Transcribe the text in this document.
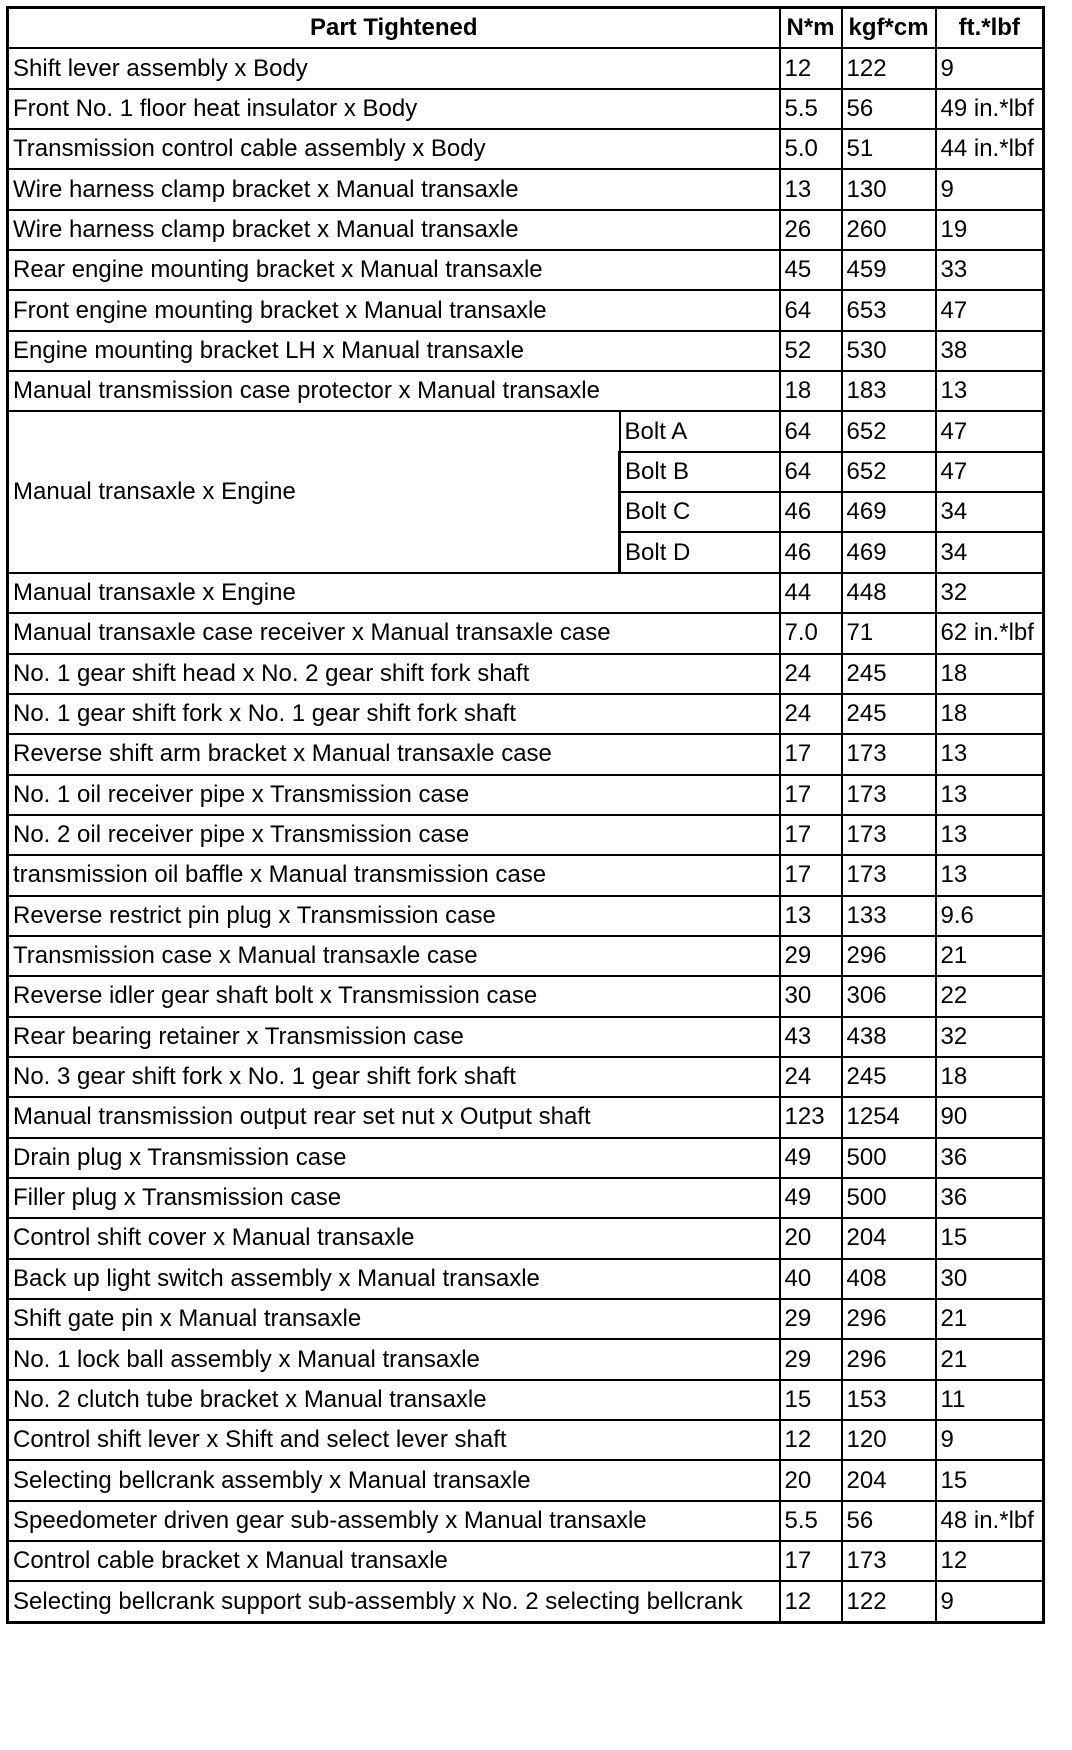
Part Tightened		N*m	kgf*cm	ft.*lbf
Shift lever assembly x Body		12	122	9
Front No. 1 floor heat insulator x Body		5.5	56	49 in.*lbf
Transmission control cable assembly x Body		5.0	51	44 in.*lbf
Wire harness clamp bracket x Manual transaxle		13	130	9
Wire harness clamp bracket x Manual transaxle		26	260	19
Rear engine mounting bracket x Manual transaxle		45	459	33
Front engine mounting bracket x Manual transaxle		64	653	47
Engine mounting bracket LH x Manual transaxle		52	530	38
Manual transmission case protector x Manual transaxle		18	183	13
Manual transaxle x Engine	Bolt A	64	652	47
	Bolt B	64	652	47
	Bolt C	46	469	34
	Bolt D	46	469	34
Manual transaxle x Engine		44	448	32
Manual transaxle case receiver x Manual transaxle case		7.0	71	62 in.*lbf
No. 1 gear shift head x No. 2 gear shift fork shaft		24	245	18
No. 1 gear shift fork x No. 1 gear shift fork shaft		24	245	18
Reverse shift arm bracket x Manual transaxle case		17	173	13
No. 1 oil receiver pipe x Transmission case		17	173	13
No. 2 oil receiver pipe x Transmission case		17	173	13
transmission oil baffle x Manual transmission case		17	173	13
Reverse restrict pin plug x Transmission case		13	133	9.6
Transmission case x Manual transaxle case		29	296	21
Reverse idler gear shaft bolt x Transmission case		30	306	22
Rear bearing retainer x Transmission case		43	438	32
No. 3 gear shift fork x No. 1 gear shift fork shaft		24	245	18
Manual transmission output rear set nut x Output shaft		123	1254	90
Drain plug x Transmission case		49	500	36
Filler plug x Transmission case		49	500	36
Control shift cover x Manual transaxle		20	204	15
Back up light switch assembly x Manual transaxle		40	408	30
Shift gate pin x Manual transaxle		29	296	21
No. 1 lock ball assembly x Manual transaxle		29	296	21
No. 2 clutch tube bracket x Manual transaxle		15	153	11
Control shift lever x Shift and select lever shaft		12	120	9
Selecting bellcrank assembly x Manual transaxle		20	204	15
Speedometer driven gear sub-assembly x Manual transaxle		5.5	56	48 in.*lbf
Control cable bracket x Manual transaxle		17	173	12
Selecting bellcrank support sub-assembly x No. 2 selecting bellcrank		12	122	9
